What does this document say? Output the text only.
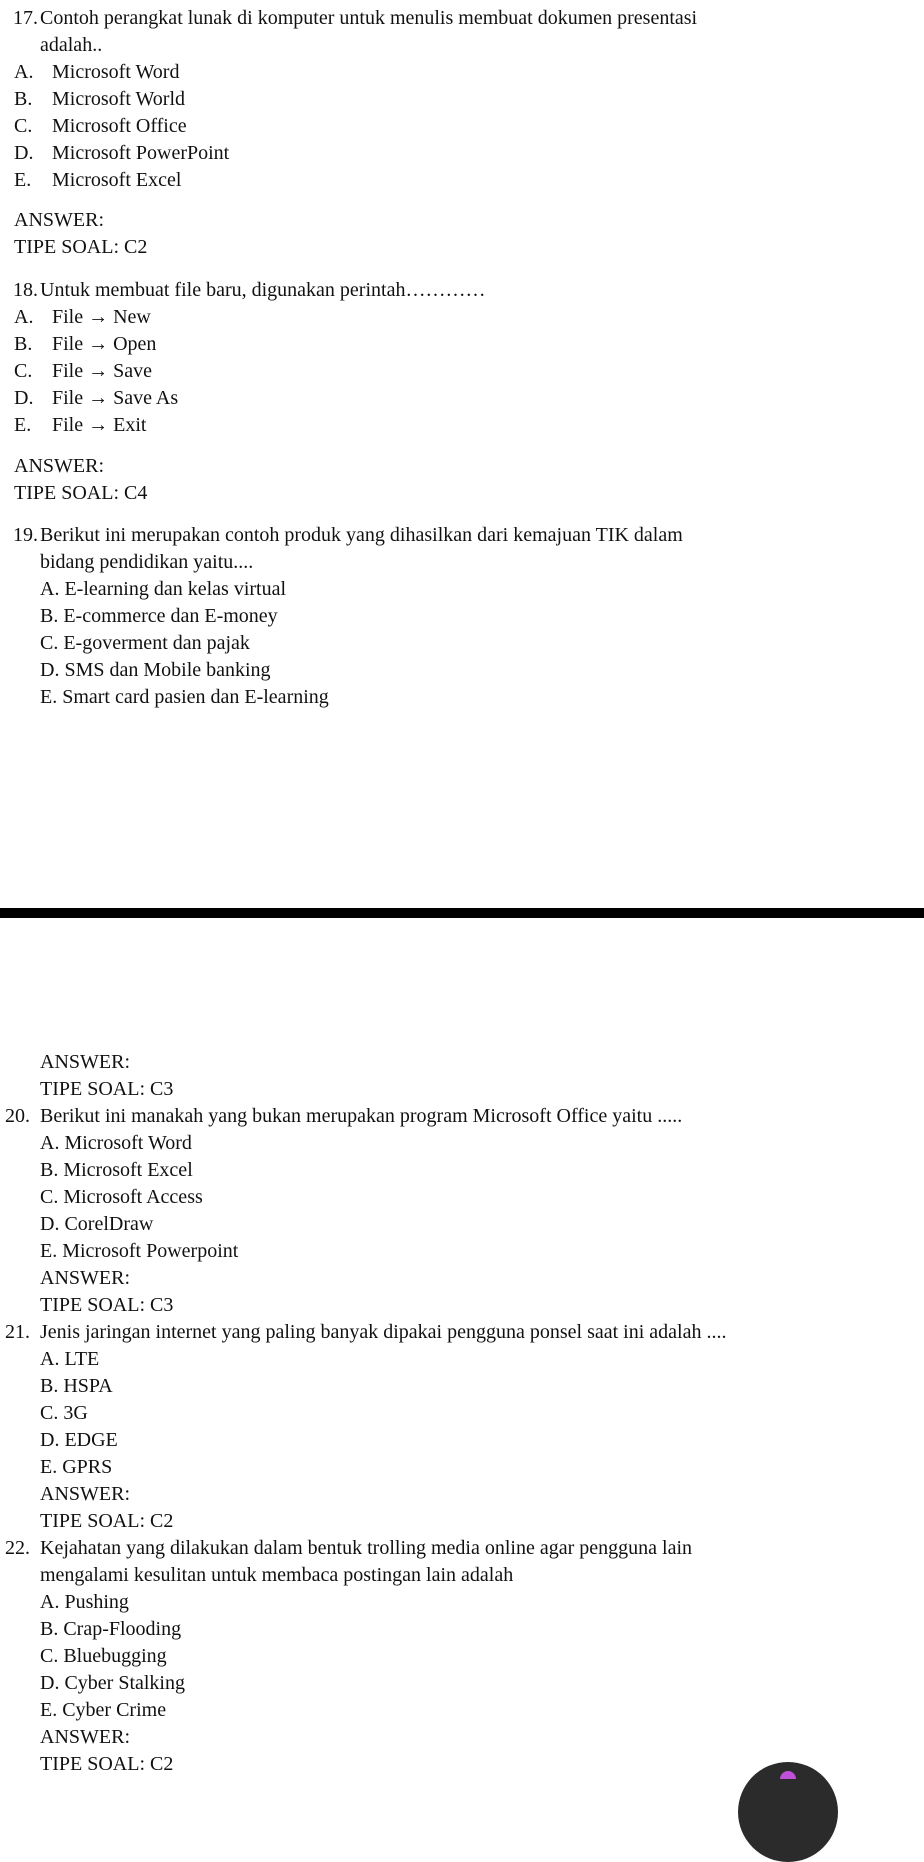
17. Contoh perangkat lunak di komputer untuk menulis membuat dokumen presentasi
adalah..
A. Microsoft Word
B. Microsoft World
C. Microsoft Office
D. Microsoft PowerPoint
E. Microsoft Excel
ANSWER:
TIPE SOAL: C2
18. Untuk membuat file baru, digunakan perintah…………
A. File → New
B. File → Open
C. File → Save
D. File → Save As
E. File → Exit
ANSWER:
TIPE SOAL: C4
19. Berikut ini merupakan contoh produk yang dihasilkan dari kemajuan TIK dalam
bidang pendidikan yaitu....
A. E-learning dan kelas virtual
B. E-commerce dan E-money
C. E-goverment dan pajak
D. SMS dan Mobile banking
E. Smart card pasien dan E-learning
ANSWER:
TIPE SOAL: C3
20. Berikut ini manakah yang bukan merupakan program Microsoft Office yaitu .....
A. Microsoft Word
B. Microsoft Excel
C. Microsoft Access
D. CorelDraw
E. Microsoft Powerpoint
ANSWER:
TIPE SOAL: C3
21. Jenis jaringan internet yang paling banyak dipakai pengguna ponsel saat ini adalah ....
A. LTE
B. HSPA
C. 3G
D. EDGE
E. GPRS
ANSWER:
TIPE SOAL: C2
22. Kejahatan yang dilakukan dalam bentuk trolling media online agar pengguna lain
mengalami kesulitan untuk membaca postingan lain adalah
A. Pushing
B. Crap-Flooding
C. Bluebugging
D. Cyber Stalking
E. Cyber Crime
ANSWER:
TIPE SOAL: C2
